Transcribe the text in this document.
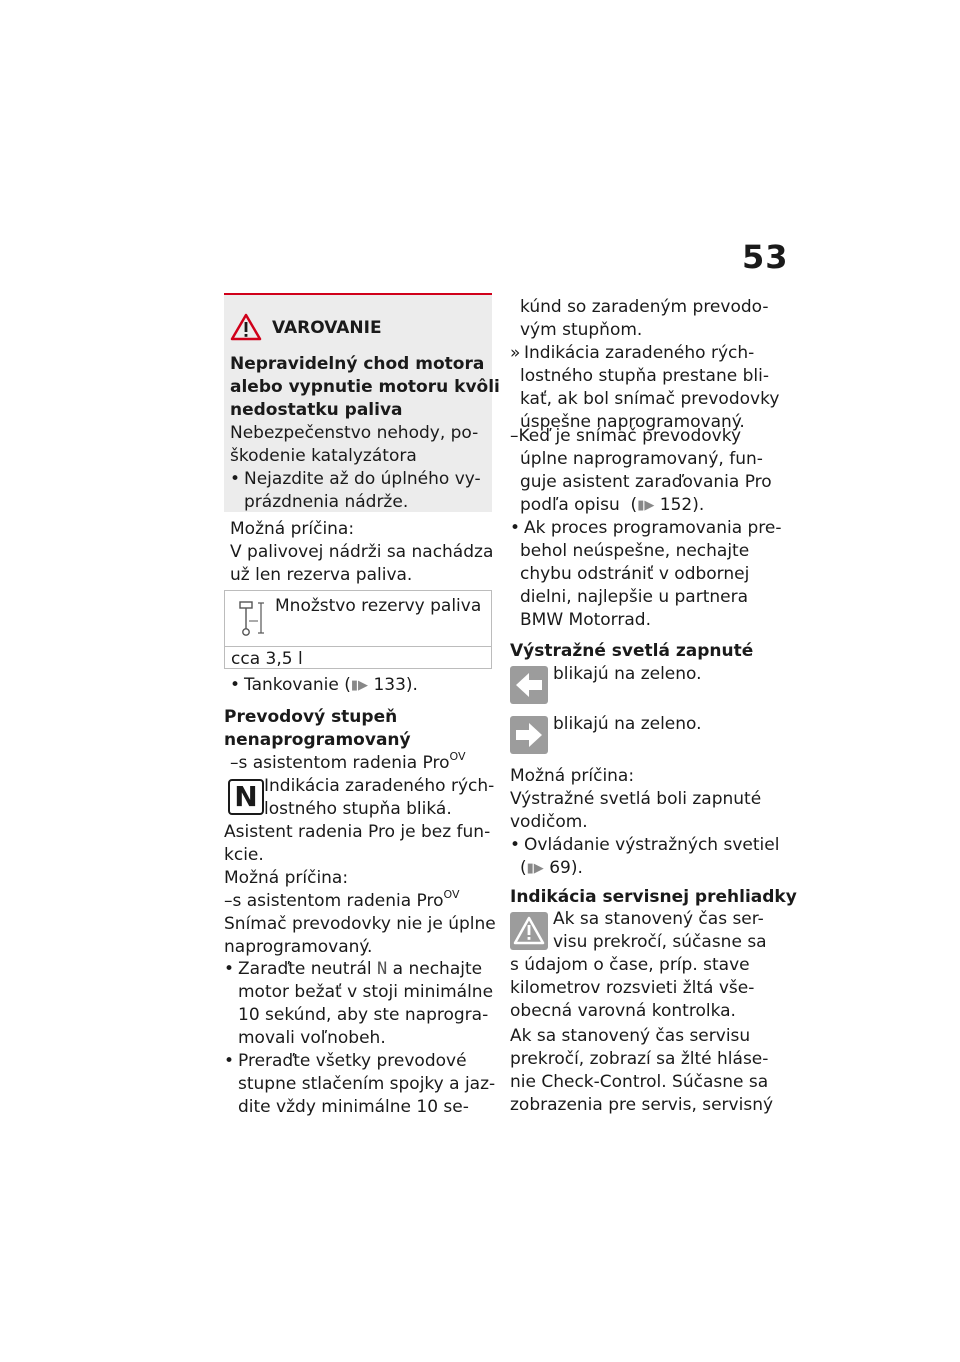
53
VAROVANIE
Nepravidelný chod motora
alebo vypnutie motoru kvôli
nedostatku paliva
Nebezpečenstvo nehody, po-
škodenie katalyzátora
• Nejazdite až do úplného vy-
prázdnenia nádrže.
Možná príčina:
V palivovej nádrži sa nachádza
už len rezerva paliva.
Množstvo rezervy paliva
cca 3,5 l
• Tankovanie (▮▶ 133).
Prevodový stupeň
nenaprogramovaný
–s asistentom radenia Pro$^{OV}$
N Indikácia zaradeného rých-
lostného stupňa bliká.
Asistent radenia Pro je bez fun-
kcie.
Možná príčina:
–s asistentom radenia Pro$^{OV}$
Snímač prevodovky nie je úplne
naprogramovaný.
• Zaraďte neutrál N a nechajte
motor bežať v stoji minimálne
10 sekúnd, aby ste naprogra-
movali voľnobeh.
• Preraďte všetky prevodové
stupne stlačením spojky a jaz-
dite vždy minimálne 10 se-
kúnd so zaradeným prevodo-
vým stupňom.
» Indikácia zaradeného rých-
lostného stupňa prestane bli-
kať, ak bol snímač prevodovky
úspešne naprogramovaný.
–Keď je snímač prevodovky
úplne naprogramovaný, fun-
guje asistent zaraďovania Pro
podľa opisu  (▮▶ 152).
• Ak proces programovania pre-
behol neúspešne, nechajte
chybu odstrániť v odbornej
dielni, najlepšie u partnera
BMW Motorrad.
Výstražné svetlá zapnuté
blikajú na zeleno.
blikajú na zeleno.
Možná príčina:
Výstražné svetlá boli zapnuté
vodičom.
• Ovládanie výstražných svetiel
(▮▶ 69).
Indikácia servisnej prehliadky
Ak sa stanovený čas ser-
visu prekročí, súčasne sa
s údajom o čase, príp. stave
kilometrov rozsvieti žltá vše-
obecná varovná kontrolka.
Ak sa stanovený čas servisu
prekročí, zobrazí sa žlté hláse-
nie Check-Control. Súčasne sa
zobrazenia pre servis, servisný
